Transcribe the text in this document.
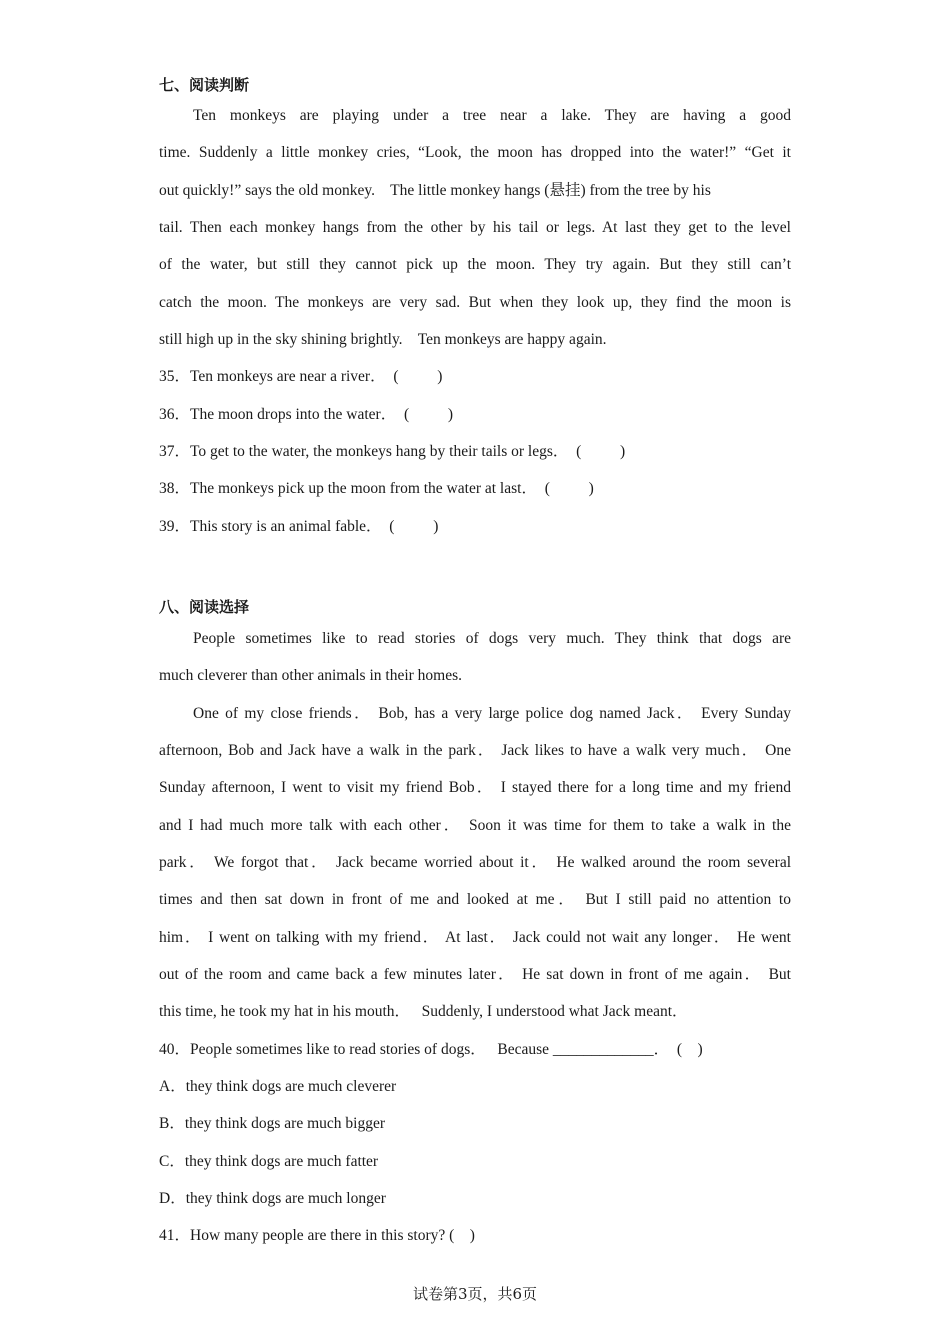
七、阅读判断
Ten monkeys are playing under a tree near a lake. They are having a good
time. Suddenly a little monkey cries, “Look, the moon has dropped into the water!” “Get it
out quickly!” says the old monkey.    The little monkey hangs (悬挂) from the tree by his
tail. Then each monkey hangs from the other by his tail or legs. At last they get to the level
of the water, but still they cannot pick up the moon. They try again. But they still can’t
catch the moon. The monkeys are very sad. But when they look up, they find the moon is
still high up in the sky shining brightly.    Ten monkeys are happy again.
35．Ten monkeys are near a river．  (          )
36．The moon drops into the water．  (          )
37．To get to the water, the monkeys hang by their tails or legs．  (          )
38．The monkeys pick up the moon from the water at last．  (          )
39．This story is an animal fable．  (          )
八、阅读选择
People sometimes like to read stories of dogs very much. They think that dogs are
much cleverer than other animals in their homes.
One of my close friends． Bob, has a very large police dog named Jack． Every Sunday
afternoon, Bob and Jack have a walk in the park． Jack likes to have a walk very much． One
Sunday afternoon, I went to visit my friend Bob． I stayed there for a long time and my friend
and I had much more talk with each other． Soon it was time for them to take a walk in the
park． We forgot that． Jack became worried about it． He walked around the room several
times and then sat down in front of me and looked at me． But I still paid no attention to
him． I went on talking with my friend． At last． Jack could not wait any longer． He went
out of the room and came back a few minutes later． He sat down in front of me again． But
this time, he took my hat in his mouth．   Suddenly, I understood what Jack meant．
40．People sometimes like to read stories of dogs．   Because _____________．  (    )
A．they think dogs are much cleverer
B．they think dogs are much bigger
C．they think dogs are much fatter
D．they think dogs are much longer
41．How many people are there in this story? (    )
试卷第3页，共6页
